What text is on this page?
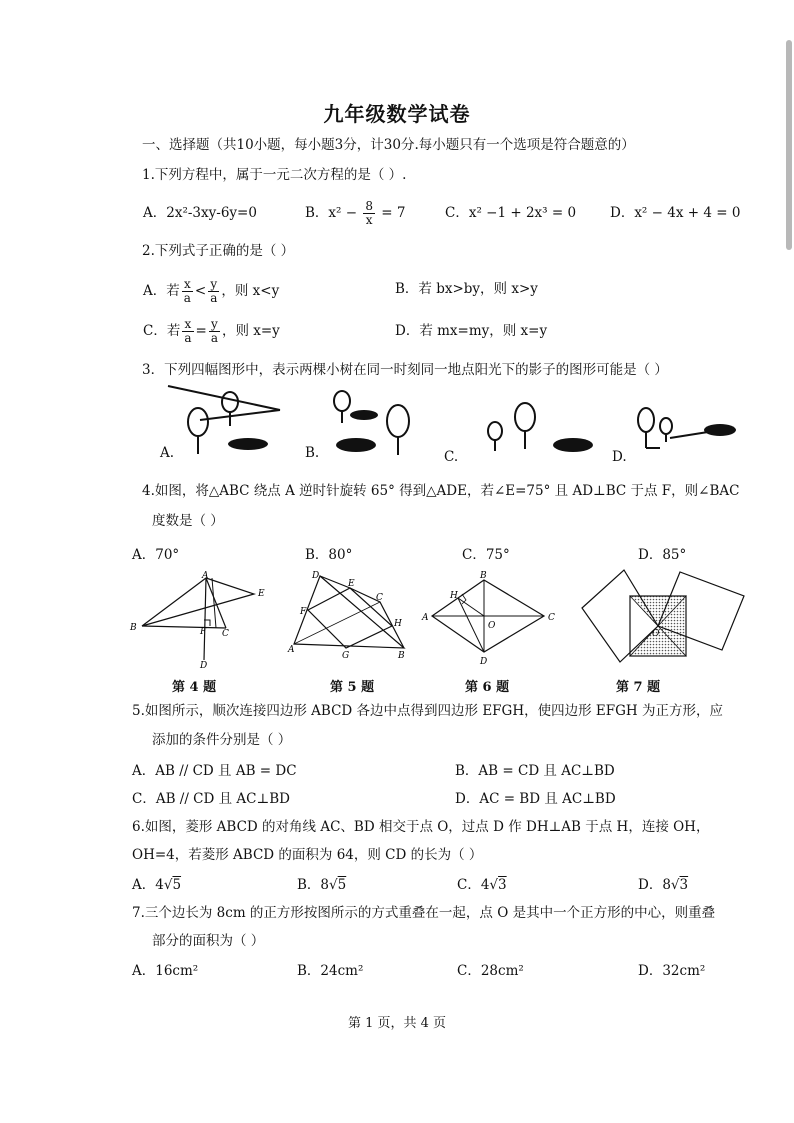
九年级数学试卷
一、选择题（共10小题，每小题3分，计30分.每小题只有一个选项是符合题意的）
1.下列方程中，属于一元二次方程的是（ ）.
A．2x²-3xy-6y=0	B．$x^2 - \frac{8}{x} = 7$	C．x² −1 + 2x³ = 0	D．x² − 4x + 4 = 0
2.下列式子正确的是（ ）
A．若 $\frac{x}{a} < \frac{y}{a}$ ，则 x<y	B．若 bx>by，则 x>y
C．若 $\frac{x}{a} = \frac{y}{a}$ ，则 x=y	D．若 mx=my，则 x=y
3．下列四幅图形中，表示两棵小树在同一时刻同一地点阳光下的影子的图形可能是（ ）
A.	B.	C.	D.
4.如图，将△ABC 绕点 A 逆时针旋转 65° 得到△ADE，若∠E=75° 且 AD⊥BC 于点 F，则∠BAC
度数是（ ）
A．70°	B．80°	C．75°	D．85°
A
B
C
D
E
F
第 4 题
D
E
C
F
H
A
G	B
第 5 题
B
C
D
A
H
O
第 6 题
O
第 7 题
5.如图所示，顺次连接四边形 ABCD 各边中点得到四边形 EFGH，使四边形 EFGH 为正方形，应
添加的条件分别是（ ）
A．AB // CD 且 AB = DC	B．AB = CD 且 AC⊥BD
C．AB // CD 且 AC⊥BD	D．AC = BD 且 AC⊥BD
6.如图，菱形 ABCD 的对角线 AC、BD 相交于点 O，过点 D 作 DH⊥AB 于点 H，连接 OH，
OH=4，若菱形 ABCD 的面积为 64，则 CD 的长为（ ）
A．4√5	B．8√5	C．4√3	D．8√3
7.三个边长为 8cm 的正方形按图所示的方式重叠在一起，点 O 是其中一个正方形的中心，则重叠
部分的面积为（ ）
A．16cm²	B．24cm²	C．28cm²	D．32cm²
第 1 页，共 4 页
